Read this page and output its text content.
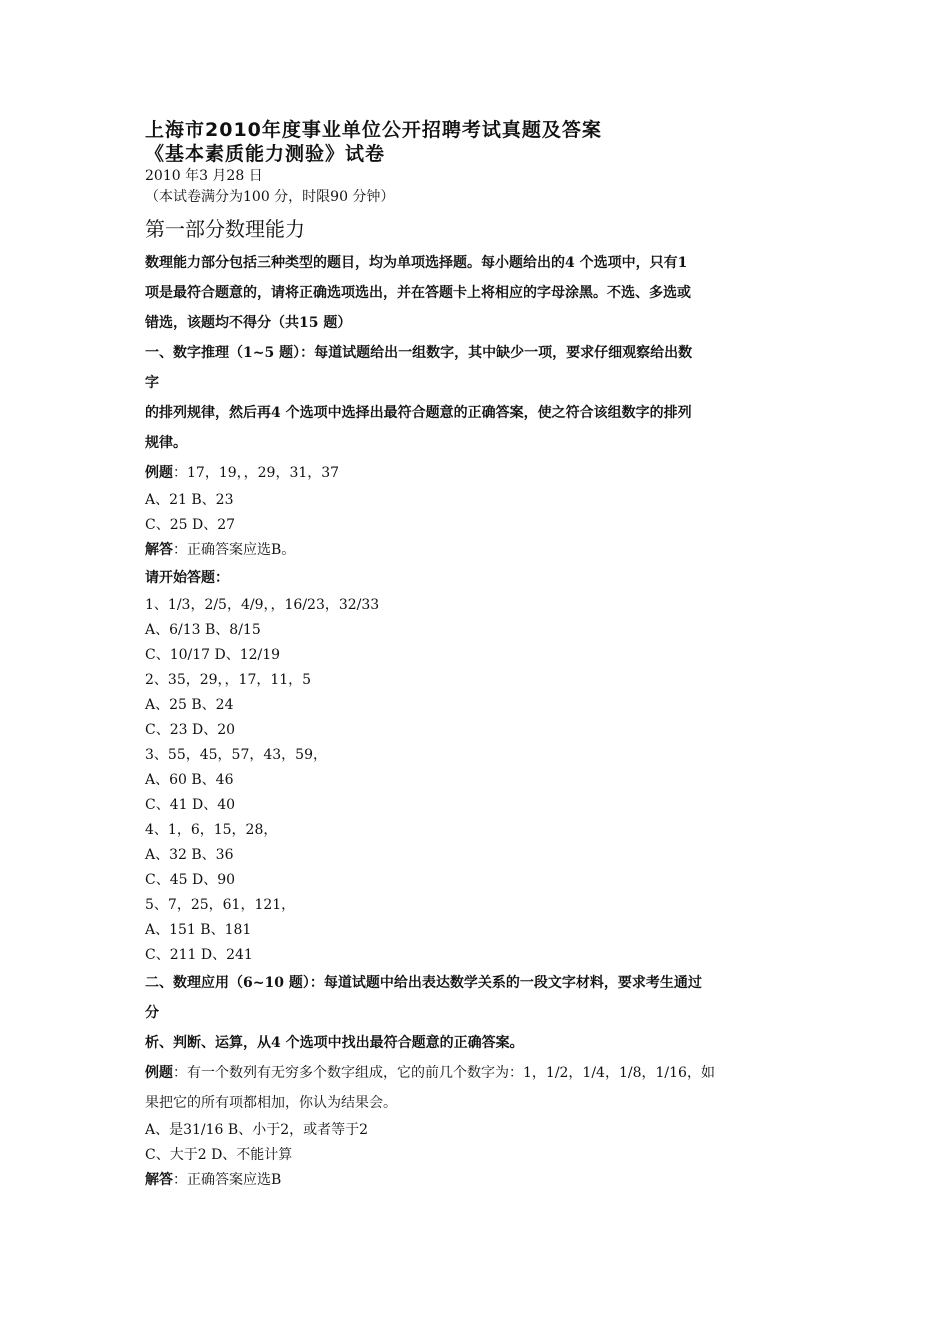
上海市2010年度事业单位公开招聘考试真题及答案

《基本素质能力测验》试卷

2010 年3 月28 日

（本试卷满分为100 分，时限90 分钟）

第一部分数理能力

数理能力部分包括三种类型的题目，均为单项选择题。每小题给出的4 个选项中，只有1

项是最符合题意的，请将正确选项选出，并在答题卡上将相应的字母涂黑。不选、多选或

错选，该题均不得分（共15 题）

一、数字推理（1~5 题）：每道试题给出一组数字，其中缺少一项，要求仔细观察给出数

字

的排列规律，然后再4 个选项中选择出最符合题意的正确答案，使之符合该组数字的排列

规律。

例题：17，19，，29，31，37

A、21 B、23

C、25 D、27

解答：正确答案应选B。

请开始答题：

1、1/3，2/5，4/9，，16/23，32/33

A、6/13 B、8/15

C、10/17 D、12/19

2、35，29，，17，11，5

A、25 B、24

C、23 D、20

3、55，45，57，43，59，

A、60 B、46

C、41 D、40

4、1，6，15，28，

A、32 B、36

C、45 D、90

5、7，25，61，121，

A、151 B、181

C、211 D、241

二、数理应用（6~10 题）：每道试题中给出表达数学关系的一段文字材料，要求考生通过

分

析、判断、运算，从4 个选项中找出最符合题意的正确答案。

例题：有一个数列有无穷多个数字组成，它的前几个数字为：1，1/2，1/4，1/8，1/16，如

果把它的所有项都相加，你认为结果会。

A、是31/16 B、小于2，或者等于2

C、大于2 D、不能计算

解答：正确答案应选B
